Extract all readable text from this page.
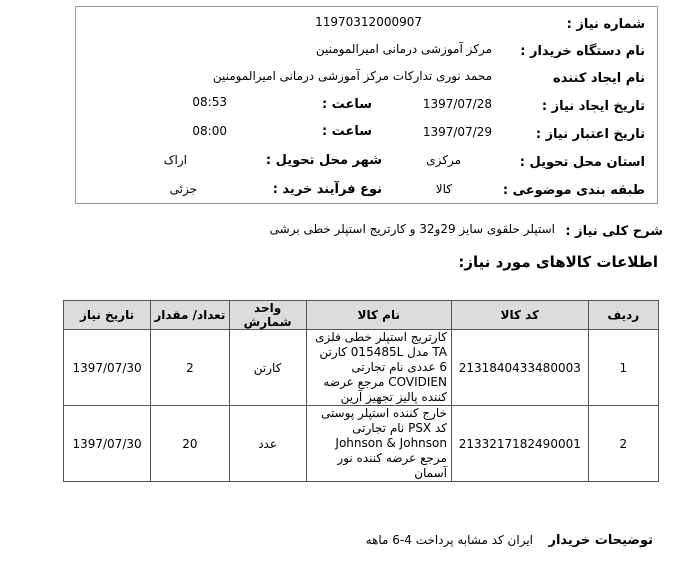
شماره نیاز :
11970312000907
نام دستگاه خریدار :
مرکز آموزشی درمانی امیرالمومنین
نام ایجاد کننده
محمد نوری تدارکات مرکز آموزشی درمانی امیرالمومنین
تاریخ ایجاد نیاز :
1397/07/28
ساعت :
08:53
تاریخ اعتبار نیاز :
1397/07/29
ساعت :
08:00
استان محل تحویل :
مرکزی
شهر محل تحویل :
اراک
طبقه بندی موضوعی :
کالا
نوع فرآیند خرید :
جزئی
شرح کلی نیاز :
استپلر حلقوی سایز 29و32 و کارتریج استپلر خطی برشی
اطلاعات کالاهای مورد نیاز:
ردیف	کد کالا	نام کالا	واحد شمارش	تعداد/ مقدار	تاریخ نیاز
1	2131840433480003	کارتریج استپلر خطی فلزی TA مدل 015485L کارتن 6 عددی نام تجارتی COVIDIEN مرجع عرضه کننده پالیز تجهیز آرین	کارتن	2	1397/07/30
2	2133217182490001	خارج کننده استپلر پوستی کد PSX نام تجارتی Johnson & Johnson مرجع عرضه کننده نور آسمان	عدد	20	1397/07/30
توضیحات خریدار
ایران کد مشابه پرداخت 4-6 ماهه
